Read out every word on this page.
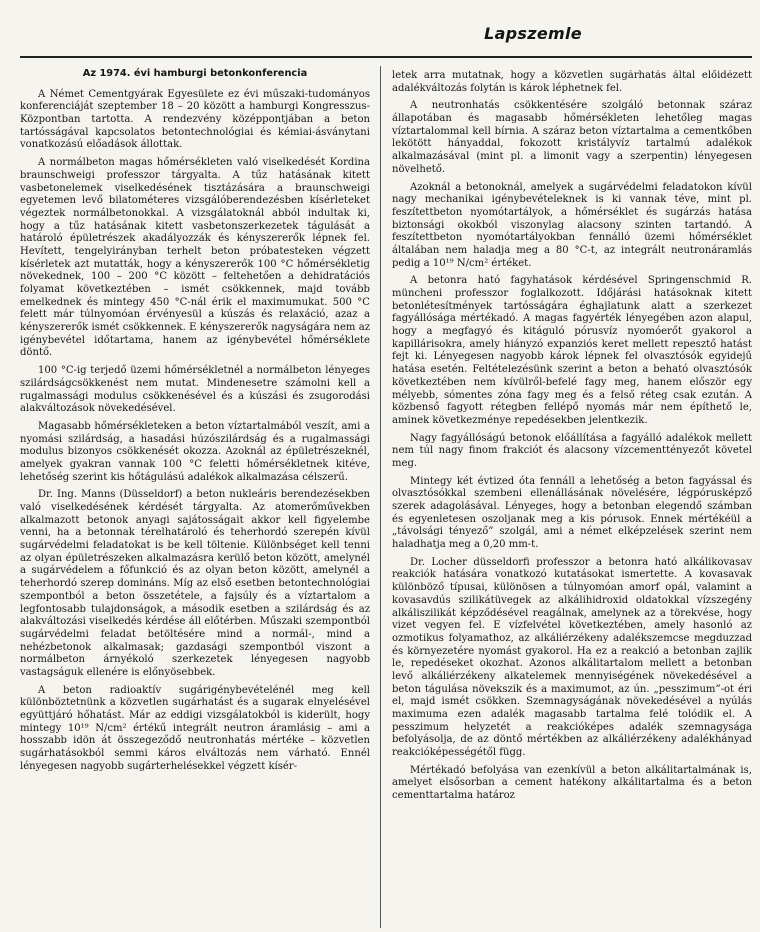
Lapszemle
Az 1974. évi hamburgi betonkonferencia

A Német Cementgyárak Egyesülete ez évi műszaki-tudományos konferenciáját szeptember 18 – 20 között a hamburgi Kongresszus-Központban tartotta. A rendezvény középpontjában a beton tartósságával kapcsolatos betontechnológiai és kémiai-ásványtani vonatkozású előadások állottak.

A normálbeton magas hőmérsékleten való viselkedését Kordina braunschweigi professzor tárgyalta. A tűz hatásának kitett vasbetonelemek viselkedésének tisztázására a braunschweigi egyetemen levő bilatométeres vizsgálóberendezésben kísérleteket végeztek normálbetonokkal. A vizsgálatoknál abból indultak ki, hogy a tűz hatásának kitett vasbetonszerkezetek tágulását a határoló épületrészek akadályozzák és kényszererők lépnek fel. Hevített, tengelyirányban terhelt beton próbatesteken végzett kísérletek azt mutatták, hogy a kényszererők 100 °C hőmérsékletig növekednek, 100 – 200 °C között – feltehetően a dehidratációs folyamat következtében – ismét csökkennek, majd tovább emelkednek és mintegy 450 °C-nál érik el maximumukat. 500 °C felett már túlnyomóan érvényesül a kúszás és relaxáció, azaz a kényszererők ismét csökkennek. E kényszererők nagyságára nem az igénybevétel időtartama, hanem az igénybevétel hőmérséklete döntő.

100 °C-ig terjedő üzemi hőmérsékletnél a normálbeton lényeges szilárdságcsökkenést nem mutat. Mindenesetre számolni kell a rugalmassági modulus csökkenésével és a kúszási és zsugorodási alakváltozások növekedésével.

Magasabb hőmérsékleteken a beton víztartalmából veszít, ami a nyomási szilárdság, a hasadási húzószilárdság és a rugalmassági modulus bizonyos csökkenését okozza. Azoknál az épületrészeknél, amelyek gyakran vannak 100 °C feletti hőmérsékletnek kitéve, lehetőség szerint kis hőtágulású adalékok alkalmazása célszerű.

Dr. Ing. Manns (Düsseldorf) a beton nukleáris berendezésekben való viselkedésének kérdését tárgyalta. Az atomerőművekben alkalmazott betonok anyagi sajátosságait akkor kell figyelembe venni, ha a betonnak térelhatároló és teherhordó szerepén kívül sugárvédelmi feladatokat is be kell töltenie. Különbséget kell tenni az olyan épületrészeken alkalmazásra kerülő beton között, amelynél a sugárvédelem a főfunkció és az olyan beton között, amelynél a teherhordó szerep domináns. Míg az első esetben betontechnológiai szempontból a beton összetétele, a fajsúly és a víztartalom a legfontosabb tulajdonságok, a második esetben a szilárdság és az alakváltozási viselkedés kérdése áll előtérben. Műszaki szempontból sugárvédelmi feladat betöltésére mind a normál-, mind a nehézbetonok alkalmasak; gazdasági szempontból viszont a normálbeton árnyékoló szerkezetek lényegesen nagyobb vastagságuk ellenére is előnyösebbek.

A beton radioaktív sugárigénybevételénél meg kell különböztetnünk a közvetlen sugárhatást és a sugarak elnyelésével együttjáró hőhatást. Már az eddigi vizsgálatokból is kiderült, hogy mintegy 10¹⁹ N/cm² értékű integrált neutron áramlásig – ami a hosszabb idön át összegeződő neutronhatás mértéke – közvetlen sugárhatásokból semmi káros elváltozás nem várható. Ennél lényegesen nagyobb sugárterhelésekkel végzett kísér-

letek arra mutatnak, hogy a közvetlen sugárhatás által előidézett adalékváltozás folytán is károk léphetnek fel.

A neutronhatás csökkentésére szolgáló betonnak száraz állapotában és magasabb hőmérsékleten lehetőleg magas víztartalommal kell bírnia. A száraz beton víztartalma a cementkőben lekötött hányaddal, fokozott kristályvíz tartalmú adalékok alkalmazásával (mint pl. a limonit vagy a szerpentin) lényegesen növelhető.

Azoknál a betonoknál, amelyek a sugárvédelmi feladatokon kívül nagy mechanikai igénybevételeknek is ki vannak téve, mint pl. feszítettbeton nyomótartályok, a hőmérséklet és sugárzás hatása biztonsági okokból viszonylag alacsony szinten tartandó. A feszítettbeton nyomótartályokban fennálló üzemi hőmérséklet általában nem haladja meg a 80 °C-t, az integrált neutronáramlás pedig a 10¹⁹ N/cm² értéket.

A betonra ható fagyhatások kérdésével Springenschmid R. müncheni professzor foglalkozott. Időjárási hatásoknak kitett betonlétesítmények tartósságára éghajlatunk alatt a szerkezet fagyállósága mértékadó. A magas fagyérték lényegében azon alapul, hogy a megfagyó és kitáguló pórusvíz nyomóerőt gyakorol a kapillárisokra, amely hiányzó expanziós keret mellett repesztő hatást fejt ki. Lényegesen nagyobb károk lépnek fel olvasztósók egyidejű hatása esetén. Feltételezésünk szerint a beton a beható olvasztósók következtében nem kívülről-befelé fagy meg, hanem először egy mélyebb, sómentes zóna fagy meg és a felső réteg csak ezután. A közbenső fagyott rétegben fellépő nyomás már nem építhető le, aminek következménye repedésekben jelentkezik.

Nagy fagyállóságú betonok előállítása a fagyálló adalékok mellett nem túl nagy finom frakciót és alacsony vízcementtényezőt követel meg.

Mintegy két évtized óta fennáll a lehetőség a beton fagyással és olvasztósókkal szembeni ellenállásának növelésére, légpórusképző szerek adagolásával. Lényeges, hogy a betonban elegendő számban és egyenletesen oszoljanak meg a kis pórusok. Ennek mértékéül a „távolsági tényező” szolgál, ami a német elképzelések szerint nem haladhatja meg a 0,20 mm-t.

Dr. Locher düsseldorfi professzor a betonra ható alkálikovasav reakciók hatására vonatkozó kutatásokat ismertette. A kovasavak különböző típusai, különösen a túlnyomóan amorf opál, valamint a kovasavdús szilikátüvegek az alkálihidroxid oldatokkal vízszegény alkáliszilikát képződésével reagálnak, amelynek az a törekvése, hogy vizet vegyen fel. E vízfelvétel következtében, amely hasonló az ozmotikus folyamathoz, az alkáliérzékeny adalékszemcse megduzzad és környezetére nyomást gyakorol. Ha ez a reakció a betonban zajlik le, repedéseket okozhat. Azonos alkálitartalom mellett a betonban levő alkáliérzékeny alkatelemek mennyiségének növekedésével a beton tágulása növekszik és a maximumot, az ún. „pesszimum”-ot éri el, majd ismét csökken. Szemnagyságának növekedésével a nyúlás maximuma ezen adalék magasabb tartalma felé tolódik el. A pesszimum helyzetét a reakcióképes adalék szemnagysága befolyásolja, de az döntő mértékben az alkáliérzékeny adalékhányad reakcióképességétől függ.

Mértékadó befolyása van ezenkívül a beton alkálitartalmának is, amelyet elsősorban a cement hatékony alkálitartalma és a beton cementtartalma határoz
